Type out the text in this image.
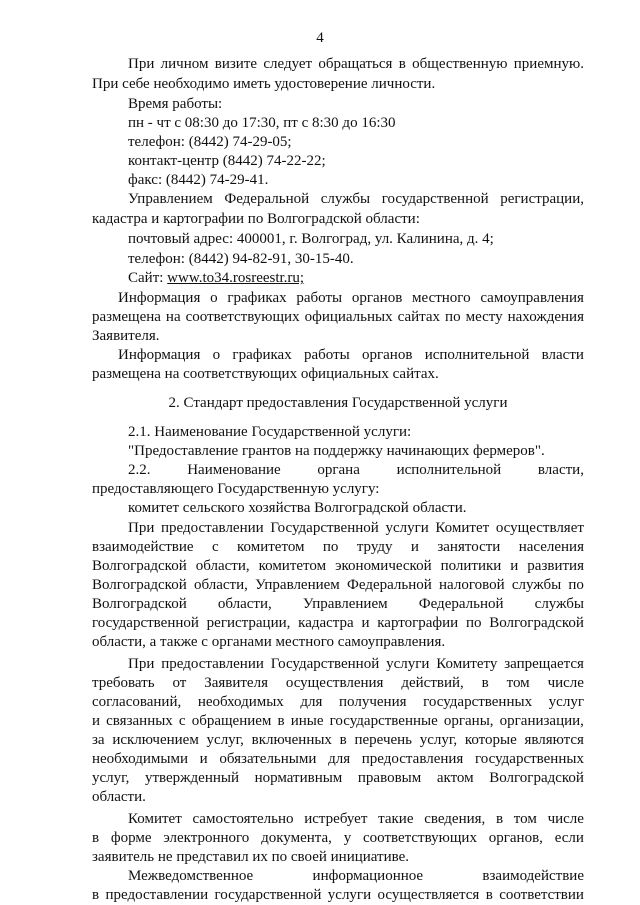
4
При личном визите следует обращаться в общественную приемную.
При себе необходимо иметь удостоверение личности.
Время работы:
пн - чт с 08:30 до 17:30, пт с 8:30 до 16:30
телефон: (8442) 74-29-05;
контакт-центр (8442) 74-22-22;
факс: (8442) 74-29-41.
Управлением Федеральной службы государственной регистрации,
кадастра и картографии по Волгоградской области:
почтовый адрес: 400001, г. Волгоград, ул. Калинина, д. 4;
телефон: (8442) 94-82-91, 30-15-40.
Сайт: www.to34.rosreestr.ru;
Информация о графиках работы органов местного самоуправления
размещена на соответствующих официальных сайтах по месту нахождения
Заявителя.
Информация о графиках работы органов исполнительной власти
размещена на соответствующих официальных сайтах.
2. Стандарт предоставления Государственной услуги
2.1. Наименование Государственной услуги:
"Предоставление грантов на поддержку начинающих фермеров".
2.2. Наименование органа исполнительной власти,
предоставляющего Государственную услугу:
комитет сельского хозяйства Волгоградской области.
При предоставлении Государственной услуги Комитет осуществляет
взаимодействие с комитетом по труду и занятости населения
Волгоградской области, комитетом экономической политики и развития
Волгоградской области, Управлением Федеральной налоговой службы по
Волгоградской области, Управлением Федеральной службы
государственной регистрации, кадастра и картографии по Волгоградской
области, а также с органами местного самоуправления.
При предоставлении Государственной услуги Комитету запрещается
требовать от Заявителя осуществления действий, в том числе
согласований, необходимых для получения государственных услуг
и связанных с обращением в иные государственные органы, организации,
за исключением услуг, включенных в перечень услуг, которые являются
необходимыми и обязательными для предоставления государственных
услуг, утвержденный нормативным правовым актом Волгоградской
области.
Комитет самостоятельно истребует такие сведения, в том числе
в форме электронного документа, у соответствующих органов, если
заявитель не представил их по своей инициативе.
Межведомственное	информационное	взаимодействие
в предоставлении государственной услуги осуществляется в соответствии
